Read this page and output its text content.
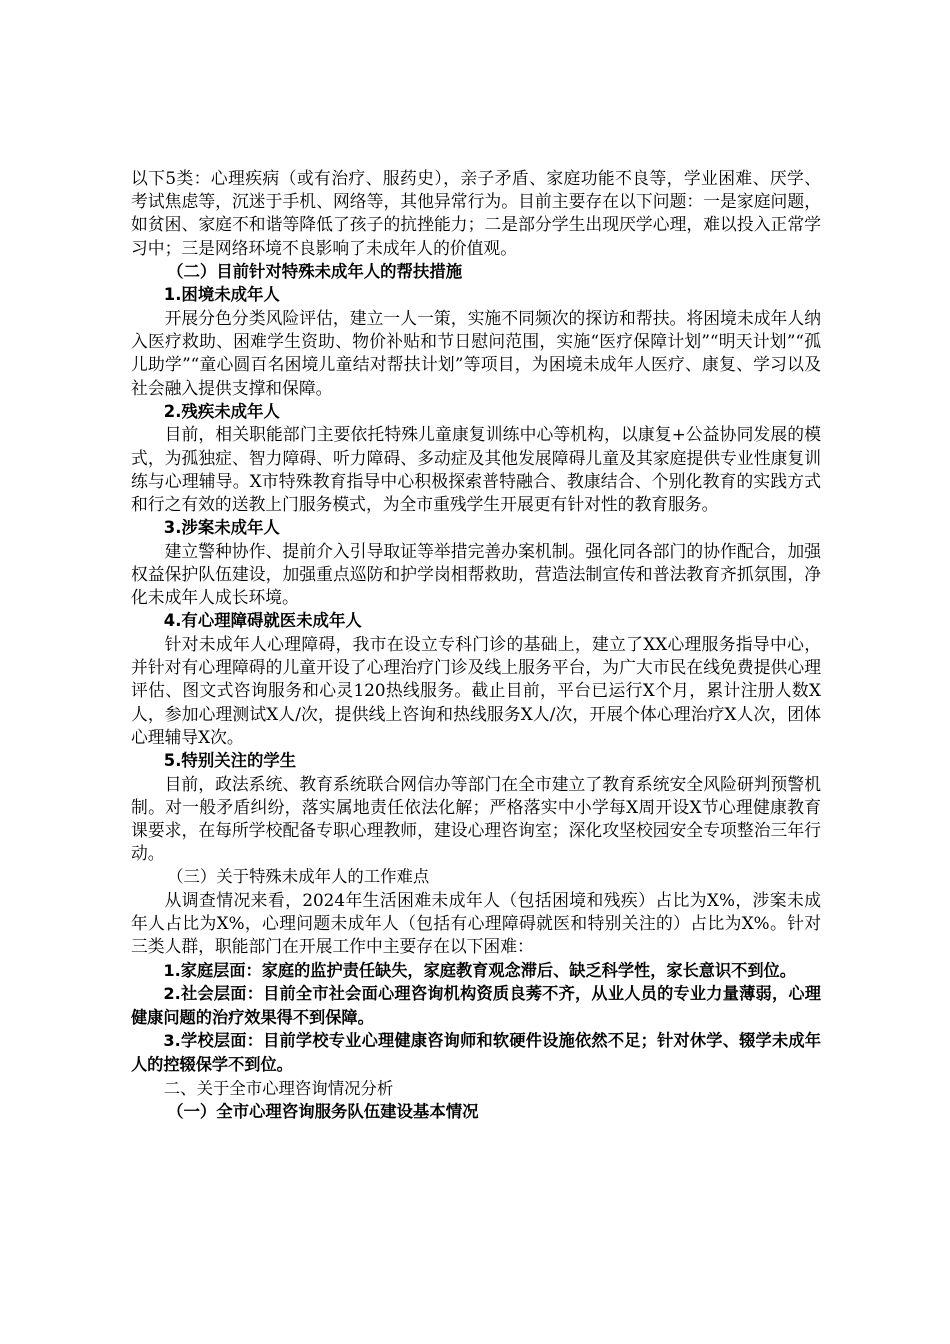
以下5类：心理疾病（或有治疗、服药史），亲子矛盾、家庭功能不良等，学业困难、厌学、考试焦虑等，沉迷于手机、网络等，其他异常行为。目前主要存在以下问题：一是家庭问题，如贫困、家庭不和谐等降低了孩子的抗挫能力；二是部分学生出现厌学心理，难以投入正常学习中；三是网络环境不良影响了未成年人的价值观。

（二）目前针对特殊未成年人的帮扶措施

1.困境未成年人

开展分色分类风险评估，建立一人一策，实施不同频次的探访和帮扶。将困境未成年人纳入医疗救助、困难学生资助、物价补贴和节日慰问范围，实施“医疗保障计划”“明天计划”“孤儿助学”“童心圆百名困境儿童结对帮扶计划”等项目，为困境未成年人医疗、康复、学习以及社会融入提供支撑和保障。

2.残疾未成年人

目前，相关职能部门主要依托特殊儿童康复训练中心等机构，以康复+公益协同发展的模式，为孤独症、智力障碍、听力障碍、多动症及其他发展障碍儿童及其家庭提供专业性康复训练与心理辅导。X市特殊教育指导中心积极探索普特融合、教康结合、个别化教育的实践方式和行之有效的送教上门服务模式，为全市重残学生开展更有针对性的教育服务。

3.涉案未成年人

建立警种协作、提前介入引导取证等举措完善办案机制。强化同各部门的协作配合，加强权益保护队伍建设，加强重点巡防和护学岗相帮救助，营造法制宣传和普法教育齐抓氛围，净化未成年人成长环境。

4.有心理障碍就医未成年人

针对未成年人心理障碍，我市在设立专科门诊的基础上，建立了XX心理服务指导中心，并针对有心理障碍的儿童开设了心理治疗门诊及线上服务平台，为广大市民在线免费提供心理评估、图文式咨询服务和心灵120热线服务。截止目前，平台已运行X个月，累计注册人数X人，参加心理测试X人/次，提供线上咨询和热线服务X人/次，开展个体心理治疗X人次，团体心理辅导X次。

5.特别关注的学生

目前，政法系统、教育系统联合网信办等部门在全市建立了教育系统安全风险研判预警机制。对一般矛盾纠纷，落实属地责任依法化解；严格落实中小学每X周开设X节心理健康教育课要求，在每所学校配备专职心理教师，建设心理咨询室；深化攻坚校园安全专项整治三年行动。

（三）关于特殊未成年人的工作难点

从调查情况来看，2024年生活困难未成年人（包括困境和残疾）占比为X%，涉案未成年人占比为X%，心理问题未成年人（包括有心理障碍就医和特别关注的）占比为X%。针对三类人群，职能部门在开展工作中主要存在以下困难：

1.家庭层面：家庭的监护责任缺失，家庭教育观念滞后、缺乏科学性，家长意识不到位。

2.社会层面：目前全市社会面心理咨询机构资质良莠不齐，从业人员的专业力量薄弱，心理健康问题的治疗效果得不到保障。

3.学校层面：目前学校专业心理健康咨询师和软硬件设施依然不足；针对休学、辍学未成年人的控辍保学不到位。

二、关于全市心理咨询情况分析

（一）全市心理咨询服务队伍建设基本情况
